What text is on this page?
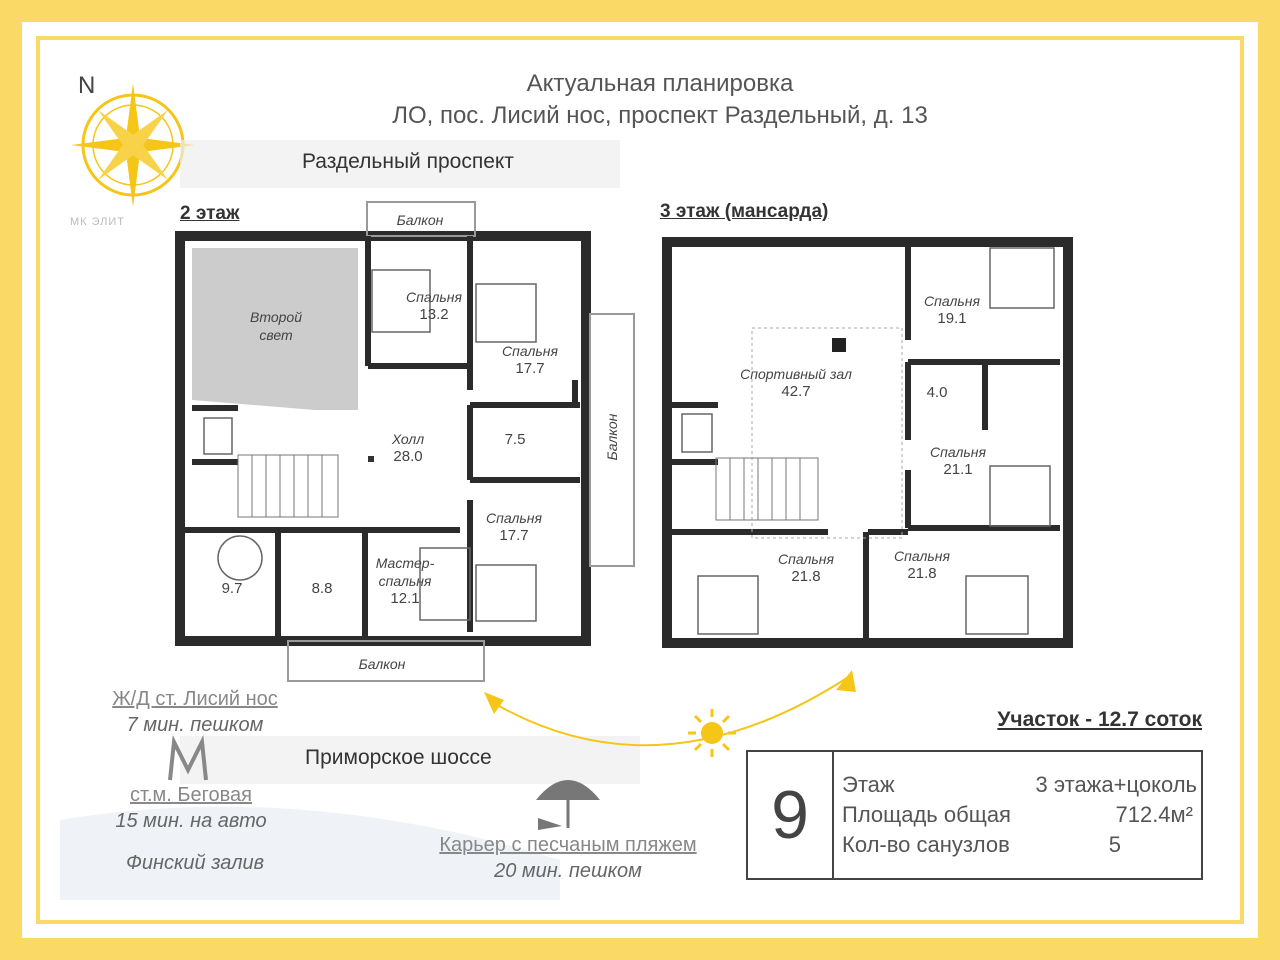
N
МК ЭЛИТ
Актуальная планировка
ЛО, пос. Лисий нос, проспект Раздельный, д. 13
Раздельный проспект
Приморское шоссе
2 этаж	3 этаж (мансарда)
Второй свет
Балкон
Спальня
13.2
Спальня
17.7
Холл
28.0
7.5	Балкон
Спальня
17.7
9.7	8.8
Мастер-спальня
12.1
Балкон
Спортивный зал
42.7
Спальня
19.1
4.0
Спальня
21.1
Спальня
21.8
Спальня
21.8
Ж/Д ст. Лисий нос
7 мин. пешком
ст.м. Беговая
15 мин. на авто
Финский залив
Карьер с песчаным пляжем
20 мин. пешком
Участок - 12.7 соток
9	Этаж	3 этажа+цоколь
Площадь общая	712.4м²
Кол-во санузлов	5
